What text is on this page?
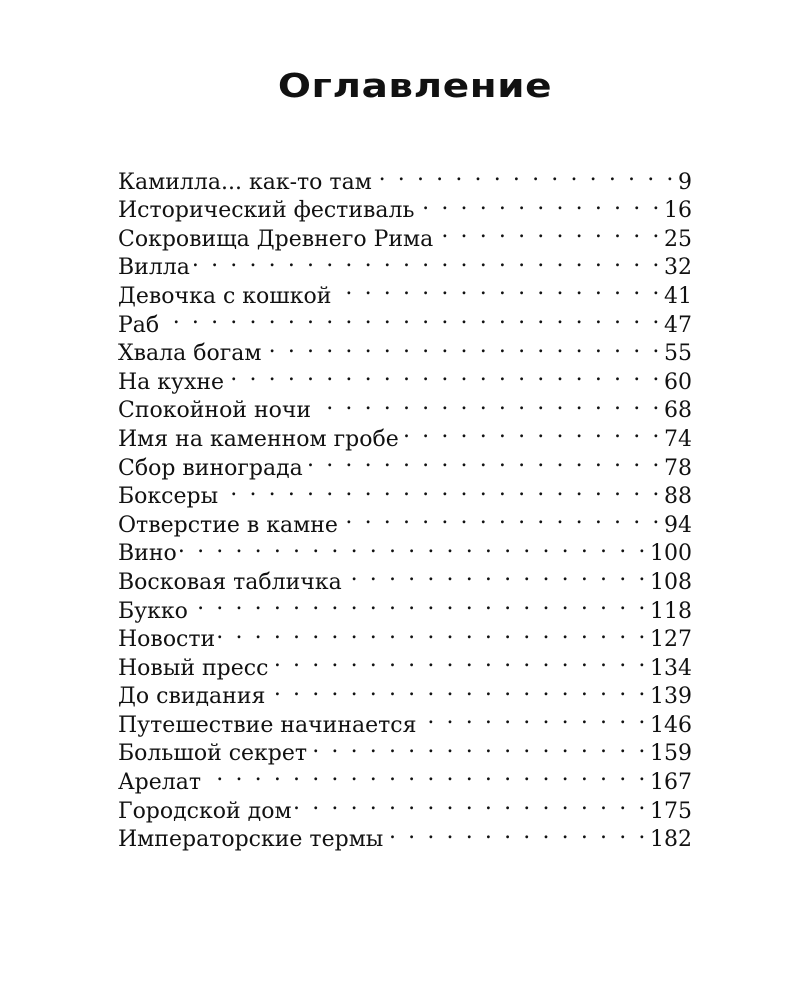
Оглавление
Камилла... как-то там . . .	9
Исторический фестиваль . . .	16
Сокровища Древнего Рима . . .	25
Вилла . . .	32
Девочка с кошкой . . .	41
Раб . . .	47
Хвала богам . . .	55
На кухне . . .	60
Спокойной ночи . . .	68
Имя на каменном гробе . . .	74
Сбор винограда . . .	78
Боксеры . . .	88
Отверстие в камне . . .	94
Вино . . .	100
Восковая табличка . . .	108
Букко . . .	118
Новости . . .	127
Новый пресс . . .	134
До свидания . . .	139
Путешествие начинается . . .	146
Большой секрет . . .	159
Арелат . . .	167
Городской дом . . .	175
Императорские термы . . .	182
